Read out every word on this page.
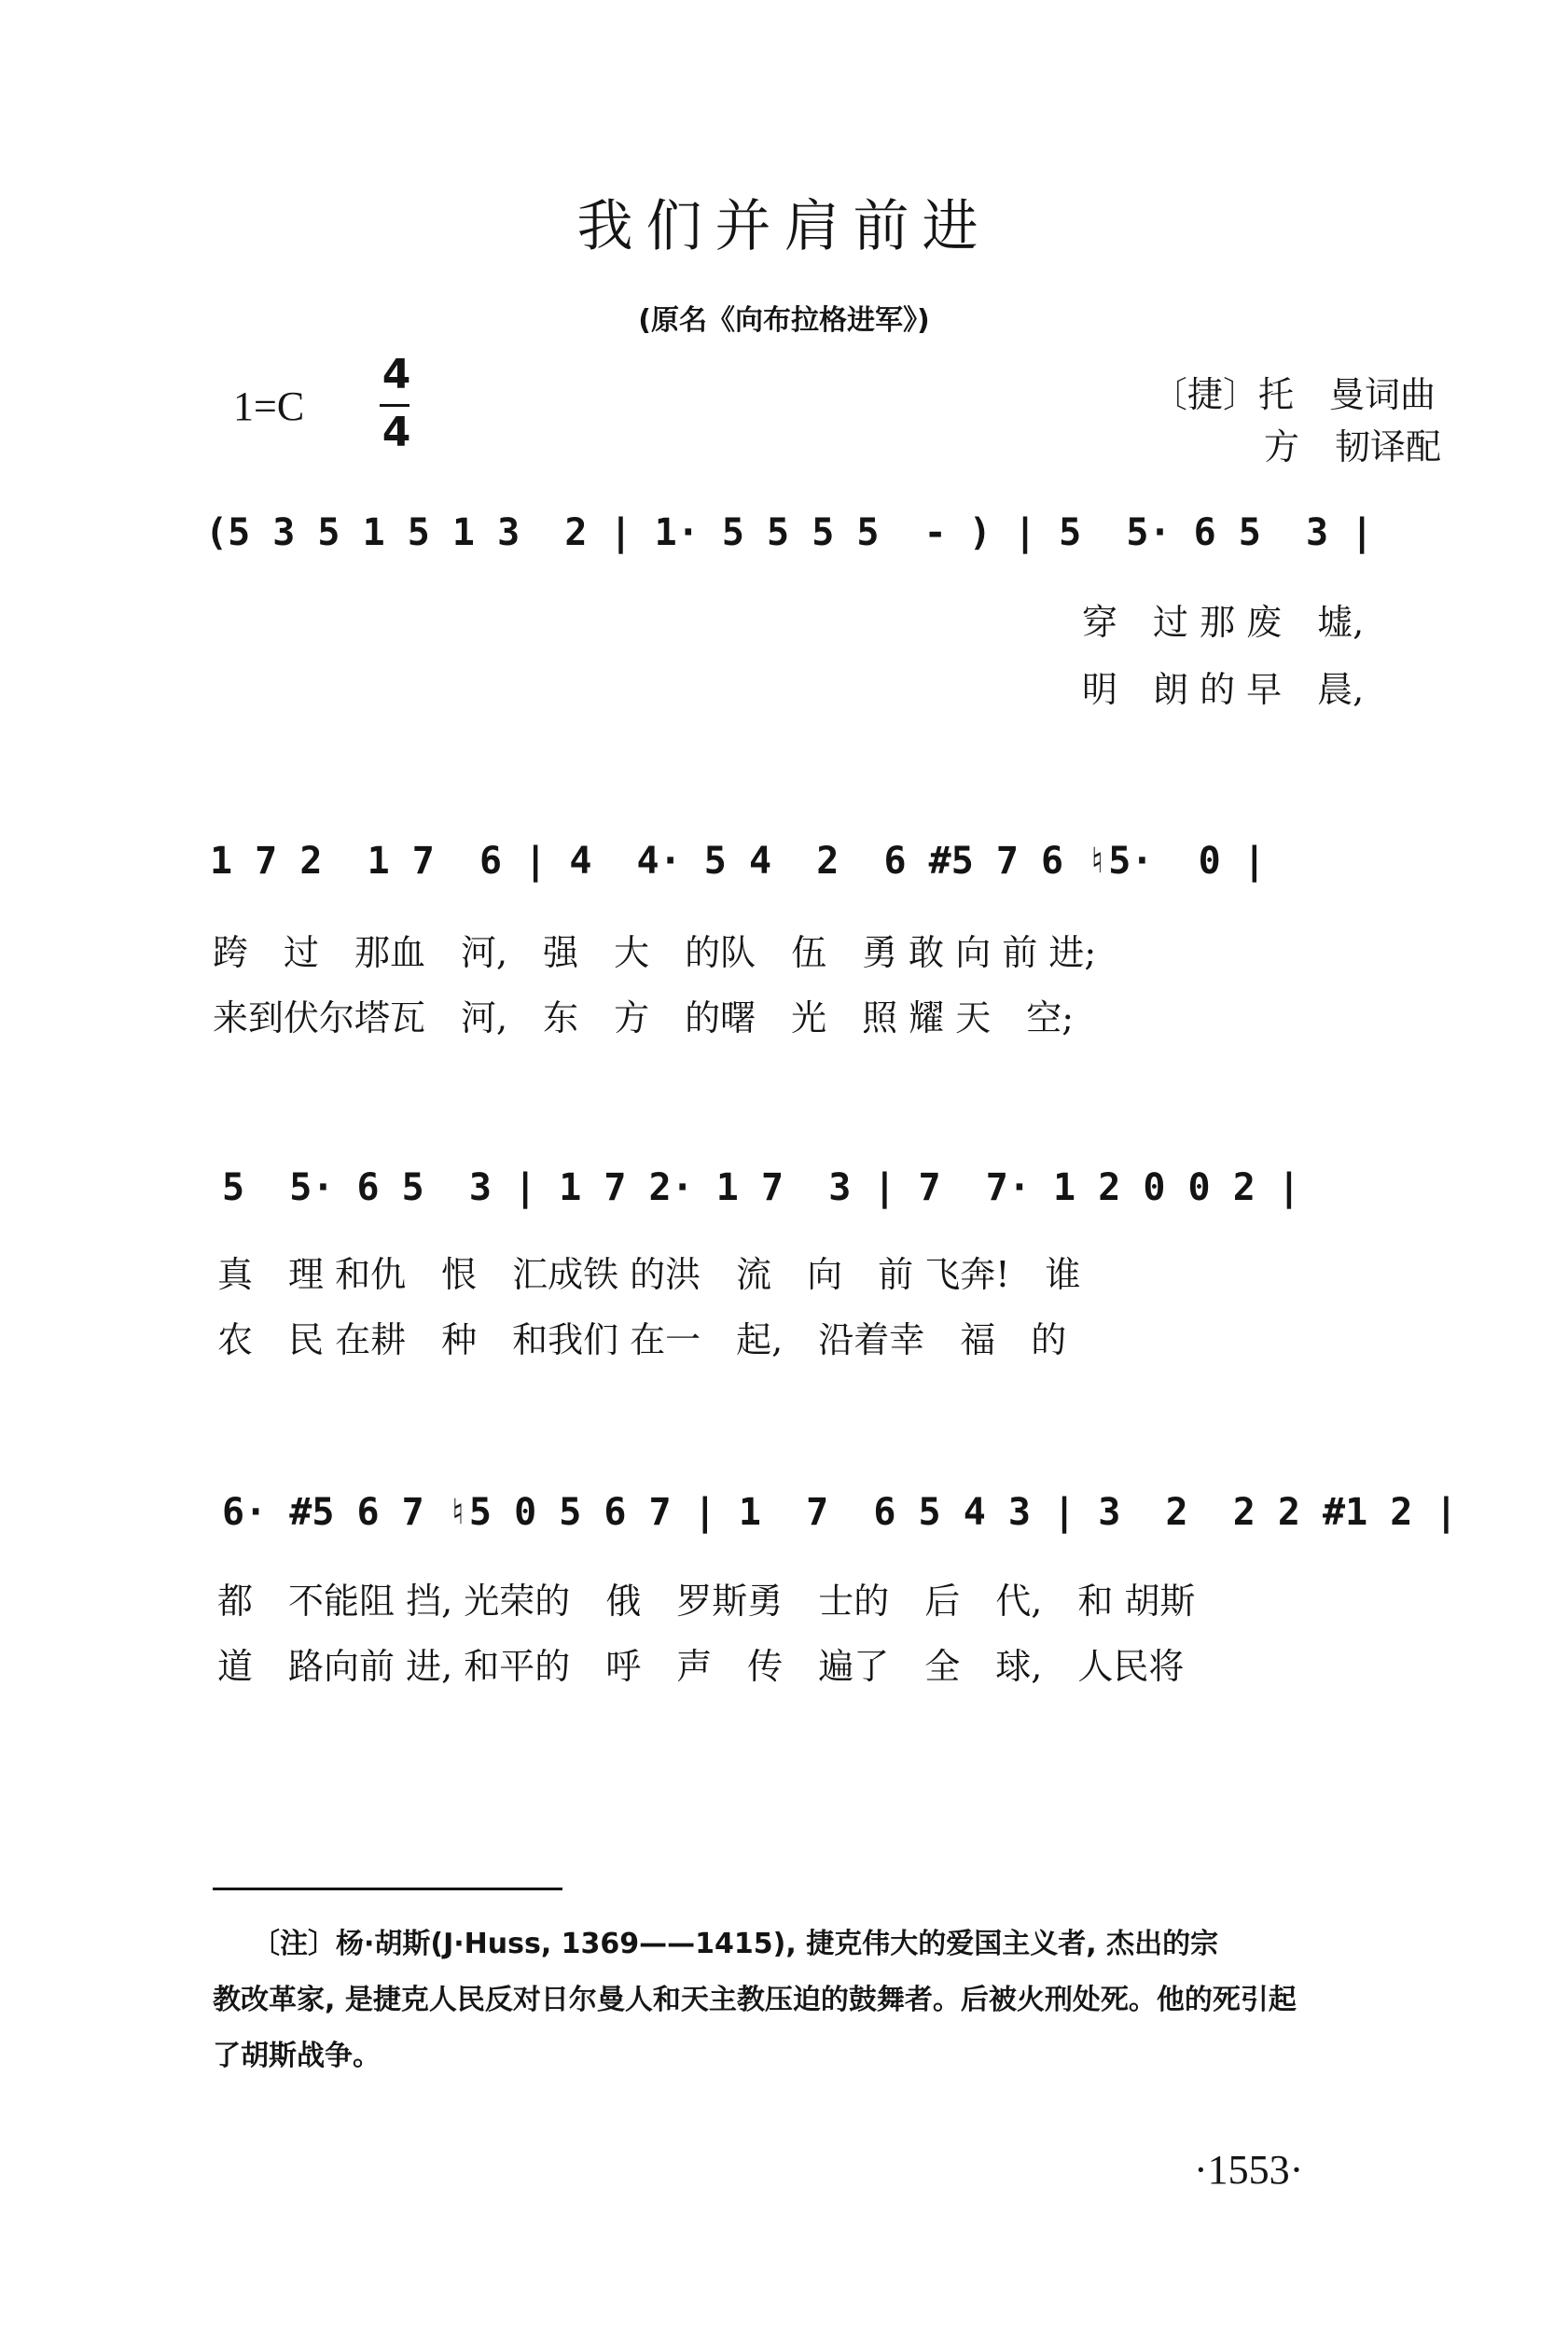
我们并肩前进
(原名《向布拉格进军》)
1=C
4
4
〔捷〕托　曼词曲
方　韧译配
(5 3 5 1 5 1 3  2 | 1· 5 5 5 5  - ) | 5  5· 6 5  3 |
穿　过 那 废　墟,
明　朗 的 早　晨,
1 7 2  1 7  6 | 4  4· 5 4  2  6 #5 7 6 ♮5·  0 |
跨　过　那血　河,　强　大　的队　伍　勇 敢 向 前 进;
来到伏尔塔瓦　河,　东　方　的曙　光　照 耀 天　空;
5  5· 6 5  3 | 1 7 2· 1 7  3 | 7  7· 1 2 0 0 2 |
真　理 和仇　恨　汇成铁 的洪　流　向　前 飞奔!　谁
农　民 在耕　种　和我们 在一　起,　沿着幸　福　的
6· #5 6 7 ♮5 0 5 6 7 | 1  7  6 5 4 3 | 3  2  2 2 #1 2 |
都　不能阻 挡, 光荣的　俄　罗斯勇　士的　后　代,　和 胡斯
道　路向前 进, 和平的　呼　声　传　遍了　全　球,　人民将
〔注〕杨·胡斯(J·Huss, 1369——1415), 捷克伟大的爱国主义者, 杰出的宗
教改革家, 是捷克人民反对日尔曼人和天主教压迫的鼓舞者。后被火刑处死。他的死引起
了胡斯战争。
·1553·
